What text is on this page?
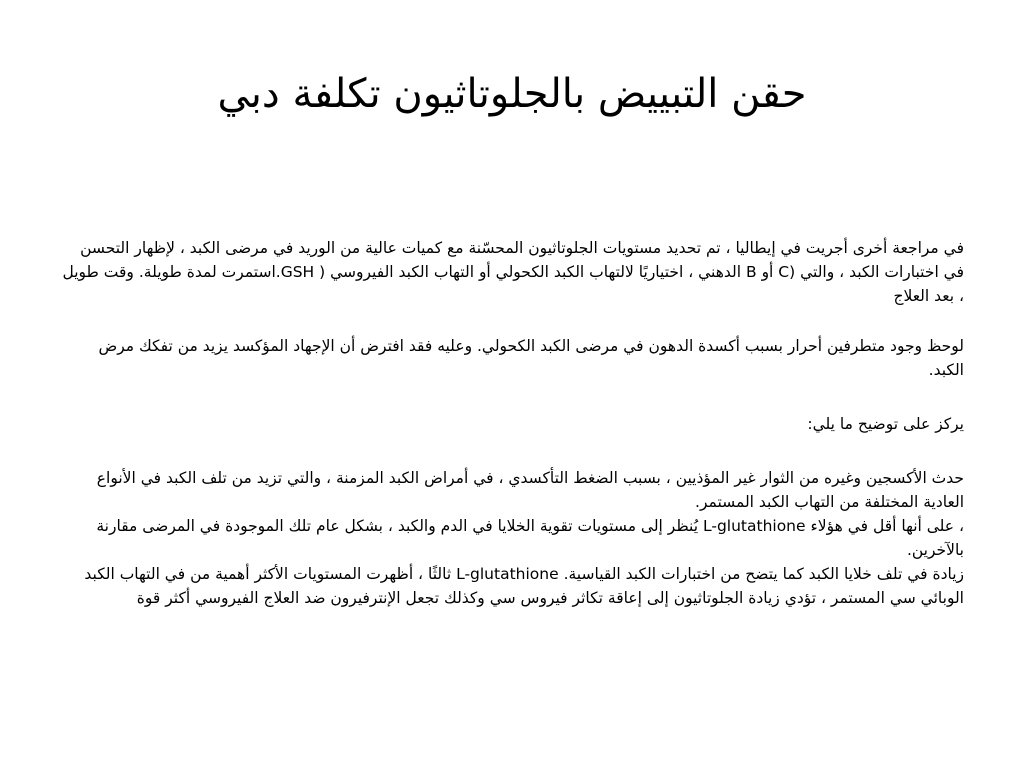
حقن التبييض بالجلوتاثيون تكلفة دبي

في مراجعة أخرى أجريت في إيطاليا ، تم تحديد مستويات الجلوتاثيون المحسّنة مع كميات عالية من الوريد في مرضى الكبد ، لإظهار التحسن في اختبارات الكبد ، والتي (C أو B الدهني ، اختياريًا لالتهاب الكبد الكحولي أو التهاب الكبد الفيروسي ( GSH.استمرت لمدة طويلة. وقت طويل ، بعد العلاج

لوحظ وجود متطرفين أحرار بسبب أكسدة الدهون في مرضى الكبد الكحولي. وعليه فقد افترض أن الإجهاد المؤكسد يزيد من تفكك مرض الكبد.

يركز على توضيح ما يلي:

حدث الأكسجين وغيره من الثوار غير المؤذيين ، بسبب الضغط التأكسدي ، في أمراض الكبد المزمنة ، والتي تزيد من تلف الكبد في الأنواع العادية المختلفة من التهاب الكبد المستمر.

، على أنها أقل في هؤلاء L-glutathione يُنظر إلى مستويات تقوية الخلايا في الدم والكبد ، بشكل عام تلك الموجودة في المرضى مقارنة بالآخرين.

زيادة في تلف خلايا الكبد كما يتضح من اختبارات الكبد القياسية. L-glutathione ثالثًا ، أظهرت المستويات الأكثر أهمية من في التهاب الكبد الوبائي سي المستمر ، تؤدي زيادة الجلوتاثيون إلى إعاقة تكاثر فيروس سي وكذلك تجعل الإنترفيرون ضد العلاج الفيروسي أكثر قوة
